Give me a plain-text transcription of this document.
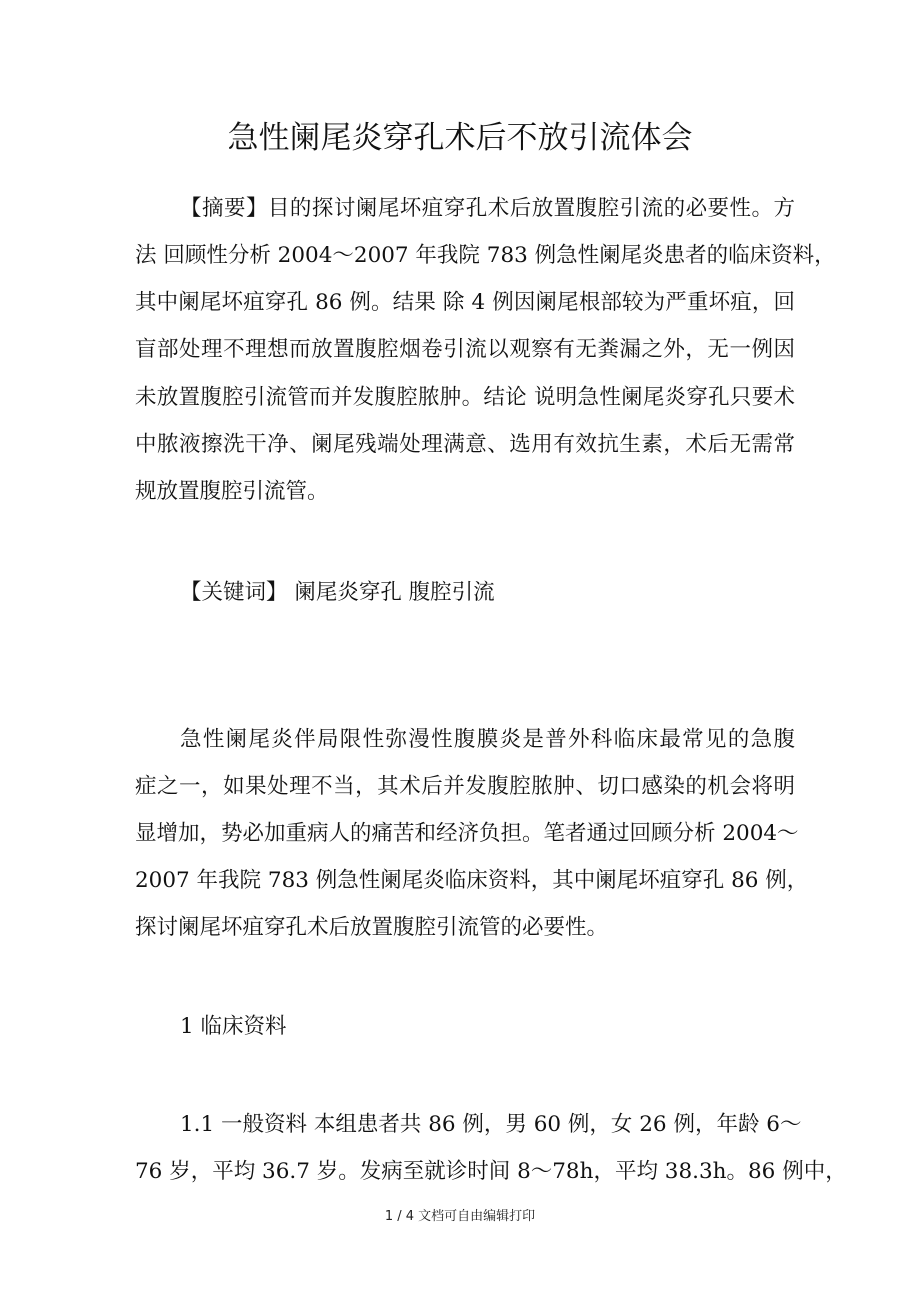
急性阑尾炎穿孔术后不放引流体会
【摘要】目的探讨阑尾坏疽穿孔术后放置腹腔引流的必要性。方
法 回顾性分析 2004～2007 年我院 783 例急性阑尾炎患者的临床资料，
其中阑尾坏疽穿孔 86 例。结果 除 4 例因阑尾根部较为严重坏疽，回
盲部处理不理想而放置腹腔烟卷引流以观察有无粪漏之外，无一例因
未放置腹腔引流管而并发腹腔脓肿。结论 说明急性阑尾炎穿孔只要术
中脓液擦洗干净、阑尾残端处理满意、选用有效抗生素，术后无需常
规放置腹腔引流管。
【关键词】 阑尾炎穿孔 腹腔引流
急性阑尾炎伴局限性弥漫性腹膜炎是普外科临床最常见的急腹
症之一，如果处理不当，其术后并发腹腔脓肿、切口感染的机会将明
显增加，势必加重病人的痛苦和经济负担。笔者通过回顾分析 2004～
2007 年我院 783 例急性阑尾炎临床资料，其中阑尾坏疽穿孔 86 例，
探讨阑尾坏疽穿孔术后放置腹腔引流管的必要性。
1 临床资料
1.1 一般资料 本组患者共 86 例，男 60 例，女 26 例，年龄 6～
76 岁，平均 36.7 岁。发病至就诊时间 8～78h，平均 38.3h。86 例中，
1 / 4 文档可自由编辑打印
